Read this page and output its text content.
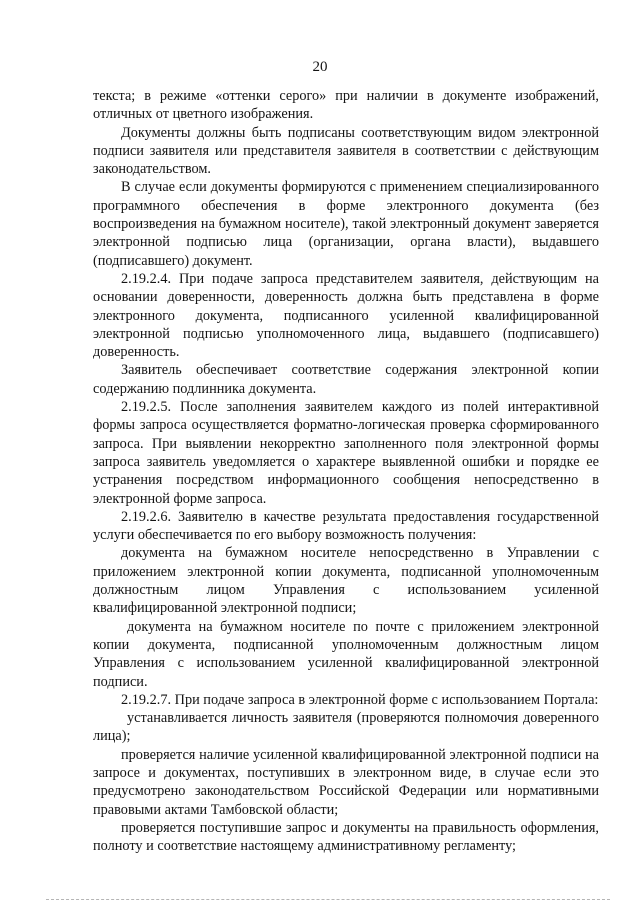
20

текста; в режиме «оттенки серого» при наличии в документе изображений, отличных от цветного изображения.

Документы должны быть подписаны соответствующим видом электронной подписи заявителя или представителя заявителя в соответствии с действующим законодательством.

В случае если документы формируются с применением специализированного программного обеспечения в форме электронного документа (без воспроизведения на бумажном носителе), такой электронный документ заверяется электронной подписью лица (организации, органа власти), выдавшего (подписавшего) документ.

2.19.2.4. При подаче запроса представителем заявителя, действующим на основании доверенности, доверенность должна быть представлена в форме электронного документа, подписанного усиленной квалифицированной электронной подписью уполномоченного лица, выдавшего (подписавшего) доверенность.

Заявитель обеспечивает соответствие содержания электронной копии содержанию подлинника документа.

2.19.2.5. После заполнения заявителем каждого из полей интерактивной формы запроса осуществляется форматно-логическая проверка сформированного запроса. При выявлении некорректно заполненного поля электронной формы запроса заявитель уведомляется о характере выявленной ошибки и порядке ее устранения посредством информационного сообщения непосредственно в электронной форме запроса.

2.19.2.6. Заявителю в качестве результата предоставления государственной услуги обеспечивается по его выбору возможность получения:

документа на бумажном носителе непосредственно в Управлении с приложением электронной копии документа, подписанной уполномоченным должностным лицом Управления с использованием усиленной квалифицированной электронной подписи;

документа на бумажном носителе по почте с приложением электронной копии документа, подписанной уполномоченным должностным лицом Управления с использованием усиленной квалифицированной электронной подписи.

2.19.2.7. При подаче запроса в электронной форме с использованием Портала:

устанавливается личность заявителя (проверяются полномочия доверенного лица);

проверяется наличие усиленной квалифицированной электронной подписи на запросе и документах, поступивших в электронном виде, в случае если это предусмотрено законодательством Российской Федерации или нормативными правовыми актами Тамбовской области;

проверяется поступившие запрос и документы на правильность оформления, полноту и соответствие настоящему административному регламенту;
